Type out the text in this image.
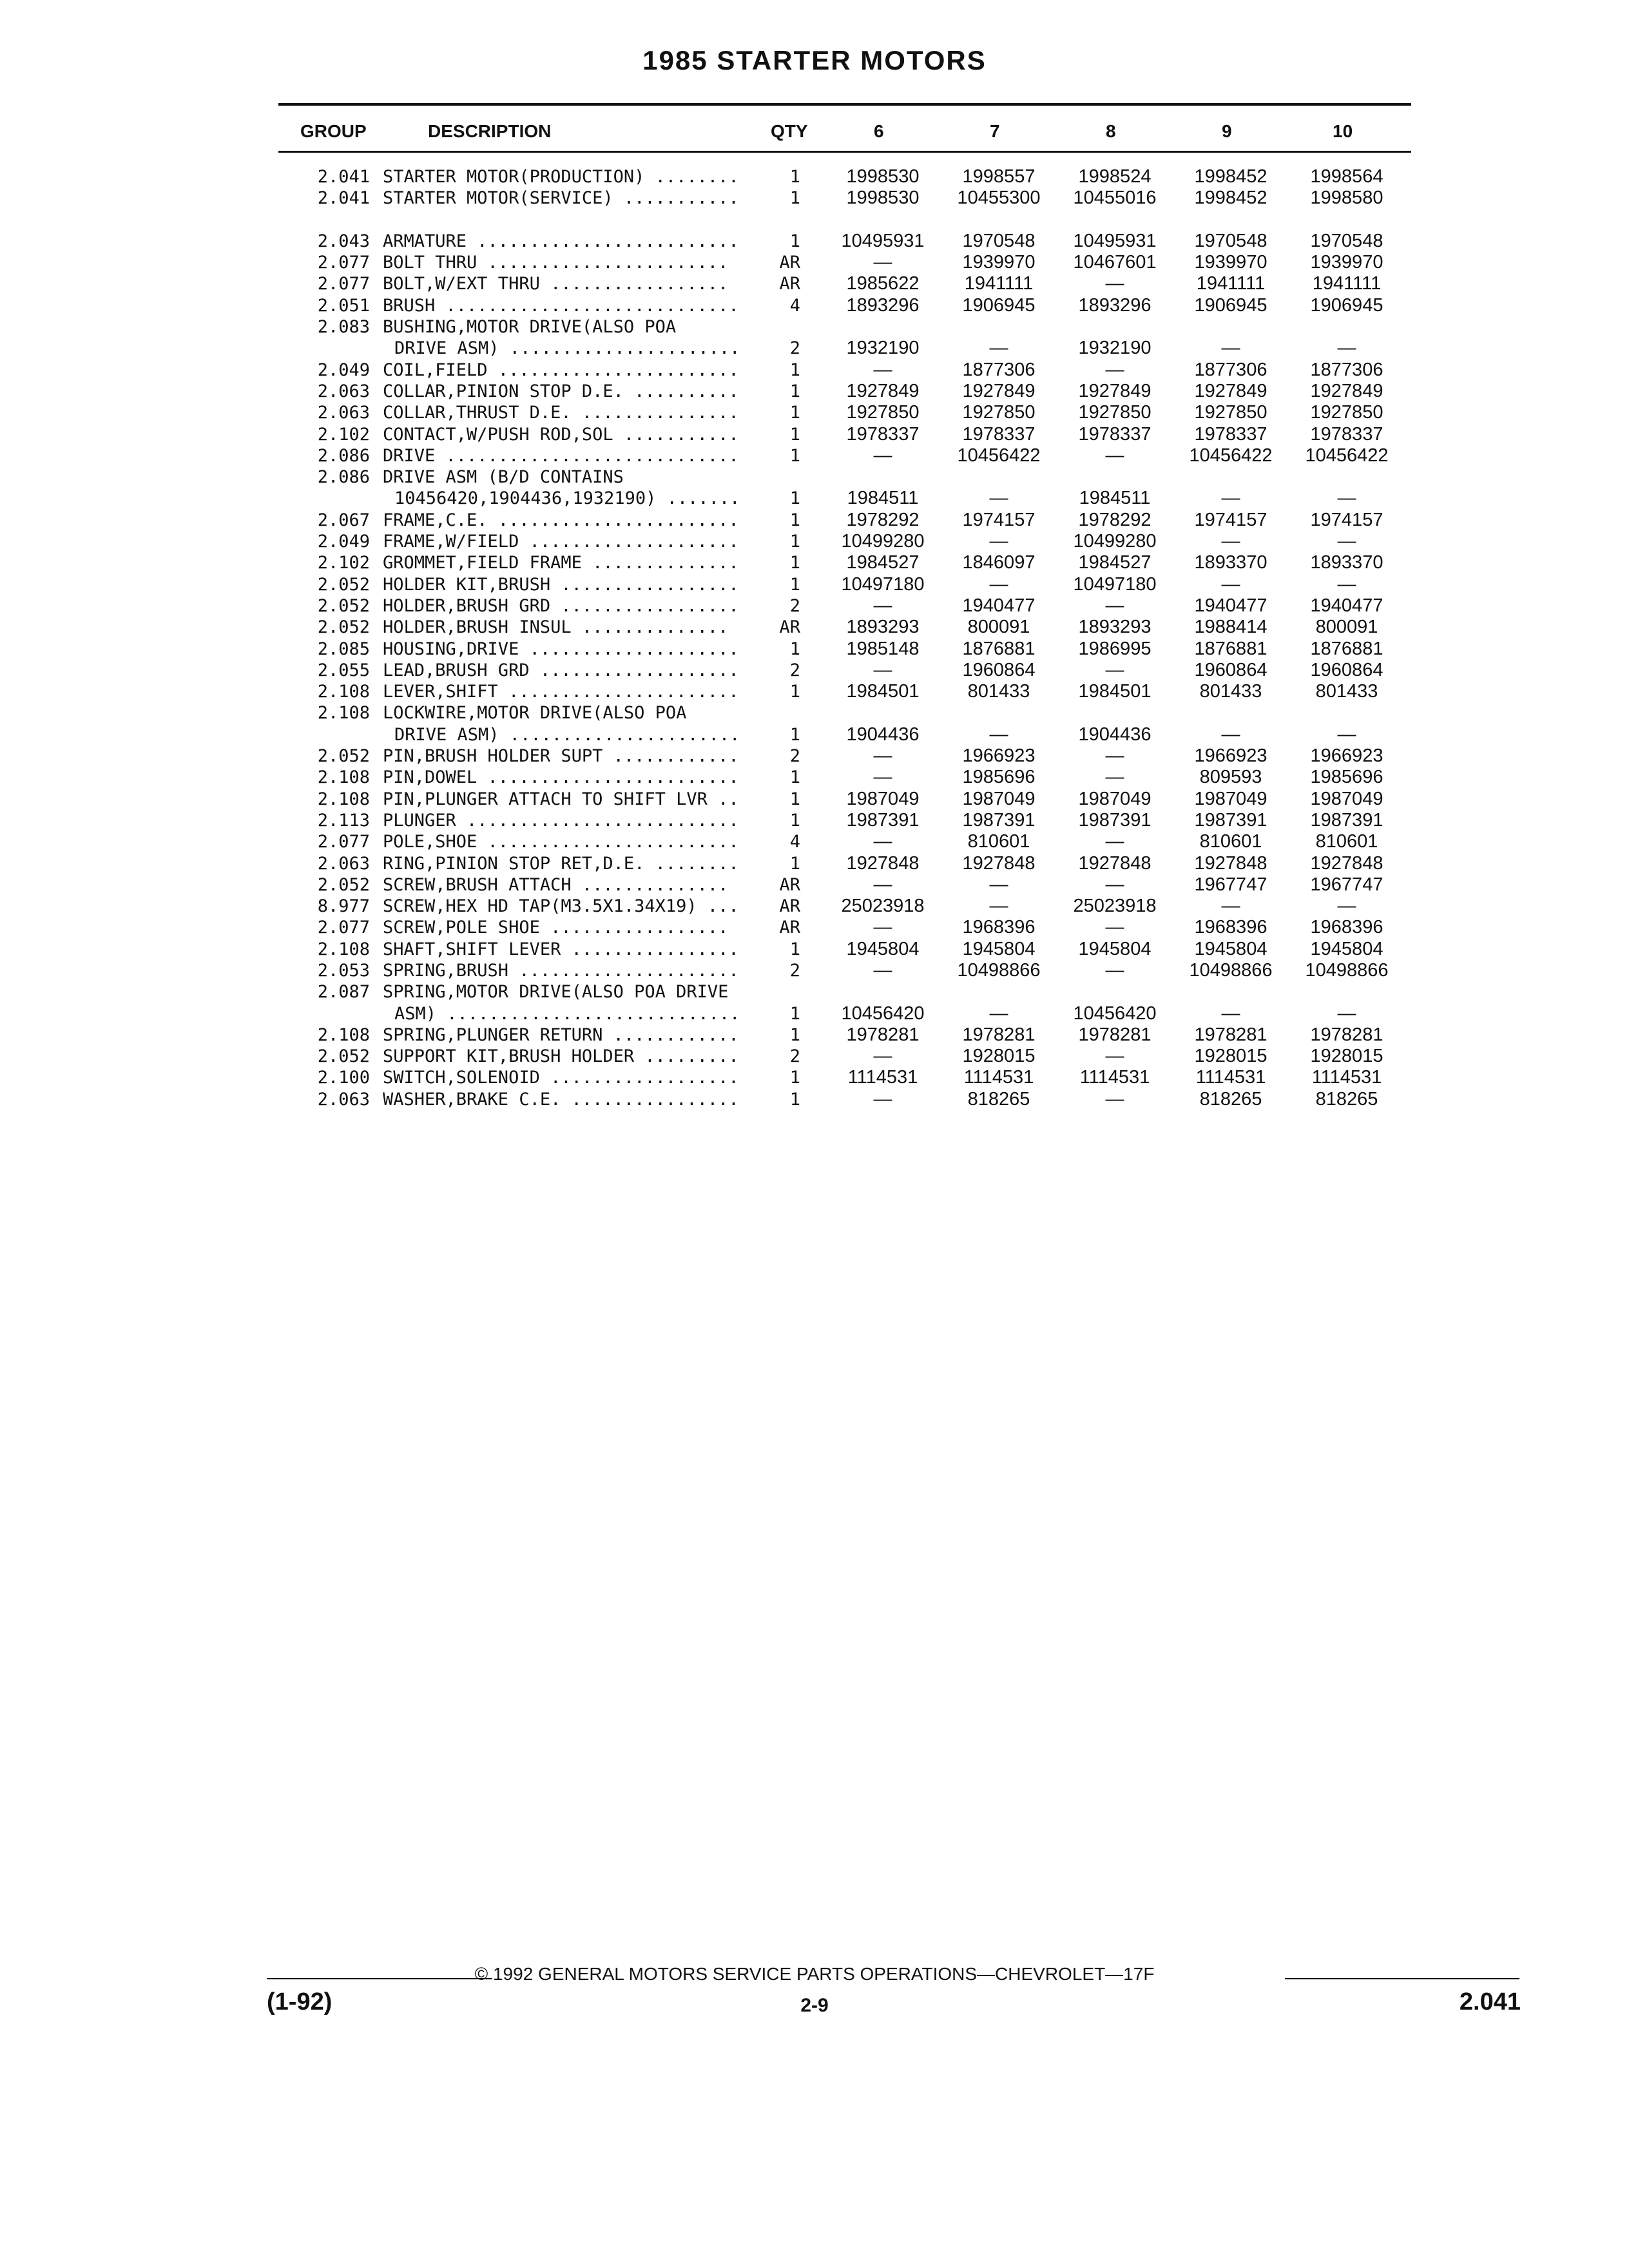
1985 STARTER MOTORS
GROUP	DESCRIPTION	QTY	6	7	8	9	10
2.041 STARTER MOTOR(PRODUCTION) ........	1	1998530	1998557	1998524	1998452	1998564
2.041 STARTER MOTOR(SERVICE) ...........	1	1998530	10455300	10455016	1998452	1998580
2.043 ARMATURE .........................	1	10495931	1970548	10495931	1970548	1970548
2.077 BOLT THRU .......................	AR	—	1939970	10467601	1939970	1939970
2.077 BOLT,W/EXT THRU .................	AR	1985622	1941111	—	1941111	1941111
2.051 BRUSH ............................	4	1893296	1906945	1893296	1906945	1906945
2.083 BUSHING,MOTOR DRIVE(ALSO POA
DRIVE ASM) ......................	2	1932190	—	1932190	—	—
2.049 COIL,FIELD .......................	1	—	1877306	—	1877306	1877306
2.063 COLLAR,PINION STOP D.E. ..........	1	1927849	1927849	1927849	1927849	1927849
2.063 COLLAR,THRUST D.E. ...............	1	1927850	1927850	1927850	1927850	1927850
2.102 CONTACT,W/PUSH ROD,SOL ...........	1	1978337	1978337	1978337	1978337	1978337
2.086 DRIVE ............................	1	—	10456422	—	10456422	10456422
2.086 DRIVE ASM (B/D CONTAINS
10456420,1904436,1932190) .......	1	1984511	—	1984511	—	—
2.067 FRAME,C.E. .......................	1	1978292	1974157	1978292	1974157	1974157
2.049 FRAME,W/FIELD ....................	1	10499280	—	10499280	—	—
2.102 GROMMET,FIELD FRAME ..............	1	1984527	1846097	1984527	1893370	1893370
2.052 HOLDER KIT,BRUSH .................	1	10497180	—	10497180	—	—
2.052 HOLDER,BRUSH GRD .................	2	—	1940477	—	1940477	1940477
2.052 HOLDER,BRUSH INSUL ..............	AR	1893293	800091	1893293	1988414	800091
2.085 HOUSING,DRIVE ....................	1	1985148	1876881	1986995	1876881	1876881
2.055 LEAD,BRUSH GRD ...................	2	—	1960864	—	1960864	1960864
2.108 LEVER,SHIFT ......................	1	1984501	801433	1984501	801433	801433
2.108 LOCKWIRE,MOTOR DRIVE(ALSO POA
DRIVE ASM) ......................	1	1904436	—	1904436	—	—
2.052 PIN,BRUSH HOLDER SUPT ............	2	—	1966923	—	1966923	1966923
2.108 PIN,DOWEL ........................	1	—	1985696	—	809593	1985696
2.108 PIN,PLUNGER ATTACH TO SHIFT LVR ..	1	1987049	1987049	1987049	1987049	1987049
2.113 PLUNGER ..........................	1	1987391	1987391	1987391	1987391	1987391
2.077 POLE,SHOE ........................	4	—	810601	—	810601	810601
2.063 RING,PINION STOP RET,D.E. ........	1	1927848	1927848	1927848	1927848	1927848
2.052 SCREW,BRUSH ATTACH ..............	AR	—	—	—	1967747	1967747
8.977 SCREW,HEX HD TAP(M3.5X1.34X19) ...	AR	25023918	—	25023918	—	—
2.077 SCREW,POLE SHOE .................	AR	—	1968396	—	1968396	1968396
2.108 SHAFT,SHIFT LEVER ................	1	1945804	1945804	1945804	1945804	1945804
2.053 SPRING,BRUSH .....................	2	—	10498866	—	10498866	10498866
2.087 SPRING,MOTOR DRIVE(ALSO POA DRIVE
ASM) ............................	1	10456420	—	10456420	—	—
2.108 SPRING,PLUNGER RETURN ............	1	1978281	1978281	1978281	1978281	1978281
2.052 SUPPORT KIT,BRUSH HOLDER .........	2	—	1928015	—	1928015	1928015
2.100 SWITCH,SOLENOID ..................	1	1114531	1114531	1114531	1114531	1114531
2.063 WASHER,BRAKE C.E. ................	1	—	818265	—	818265	818265
© 1992 GENERAL MOTORS SERVICE PARTS OPERATIONS—CHEVROLET—17F
(1-92)	2-9	2.041
